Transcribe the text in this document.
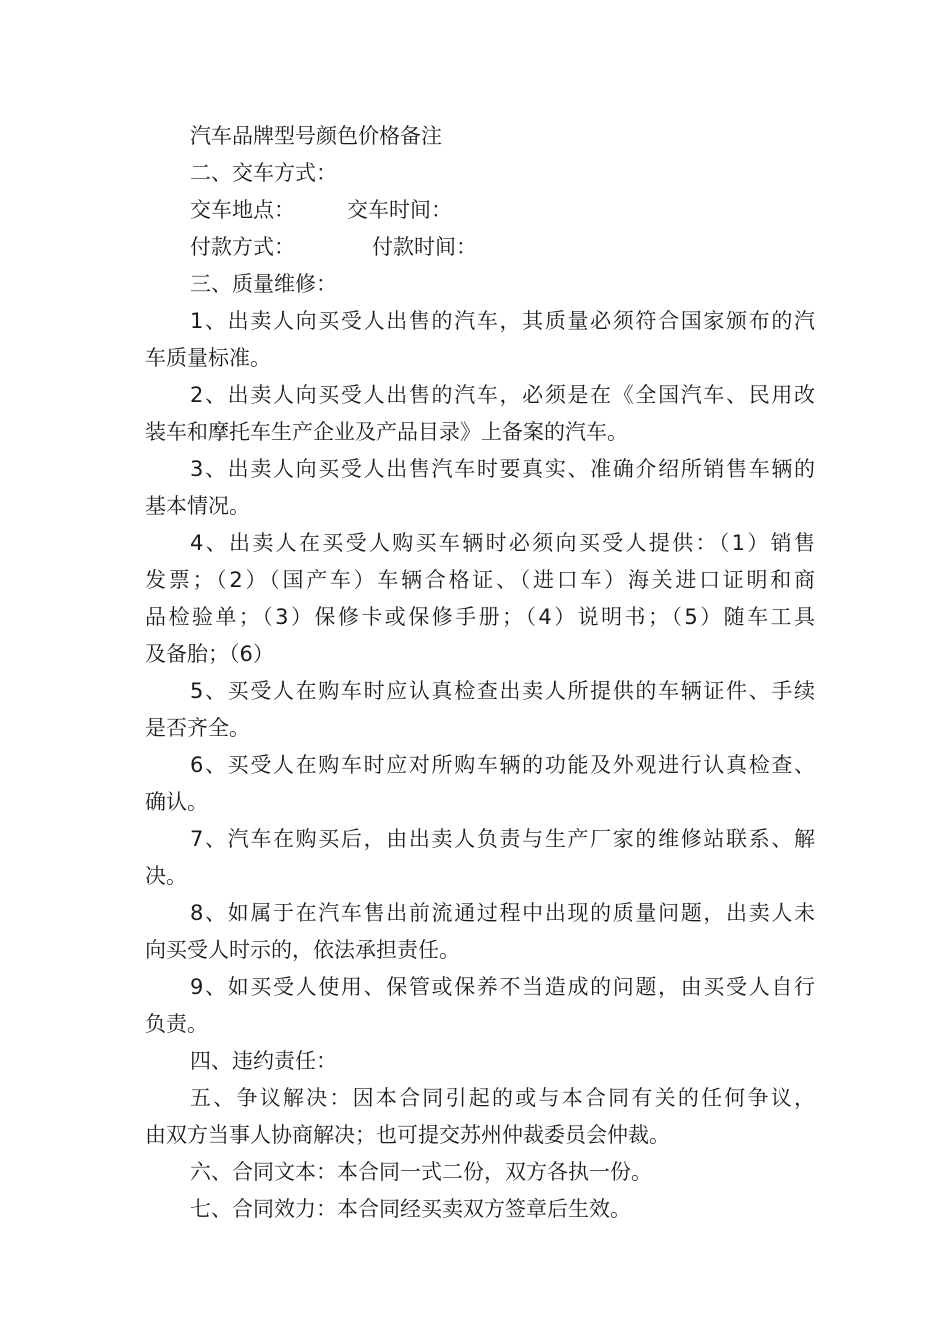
汽车品牌型号颜色价格备注
二、交车方式：
交车地点： 交车时间：
付款方式：	付款时间：
三、质量维修：
1、出卖人向买受人出售的汽车，其质量必须符合国家颁布的汽
车质量标准。
2、出卖人向买受人出售的汽车，必须是在《全国汽车、民用改
装车和摩托车生产企业及产品目录》上备案的汽车。
3、出卖人向买受人出售汽车时要真实、准确介绍所销售车辆的
基本情况。
4、出卖人在买受人购买车辆时必须向买受人提供：（1）销售
发票；（2）（国产车）车辆合格证、（进口车）海关进口证明和商
品检验单；（3）保修卡或保修手册；（4）说明书；（5）随车工具
及备胎；（6）
5、买受人在购车时应认真检查出卖人所提供的车辆证件、手续
是否齐全。
6、买受人在购车时应对所购车辆的功能及外观进行认真检查、
确认。
7、汽车在购买后，由出卖人负责与生产厂家的维修站联系、解
决。
8、如属于在汽车售出前流通过程中出现的质量问题，出卖人未
向买受人时示的，依法承担责任。
9、如买受人使用、保管或保养不当造成的问题，由买受人自行
负责。
四、违约责任：
五、争议解决：因本合同引起的或与本合同有关的任何争议，
由双方当事人协商解决；也可提交苏州仲裁委员会仲裁。
六、合同文本：本合同一式二份，双方各执一份。
七、合同效力：本合同经买卖双方签章后生效。
